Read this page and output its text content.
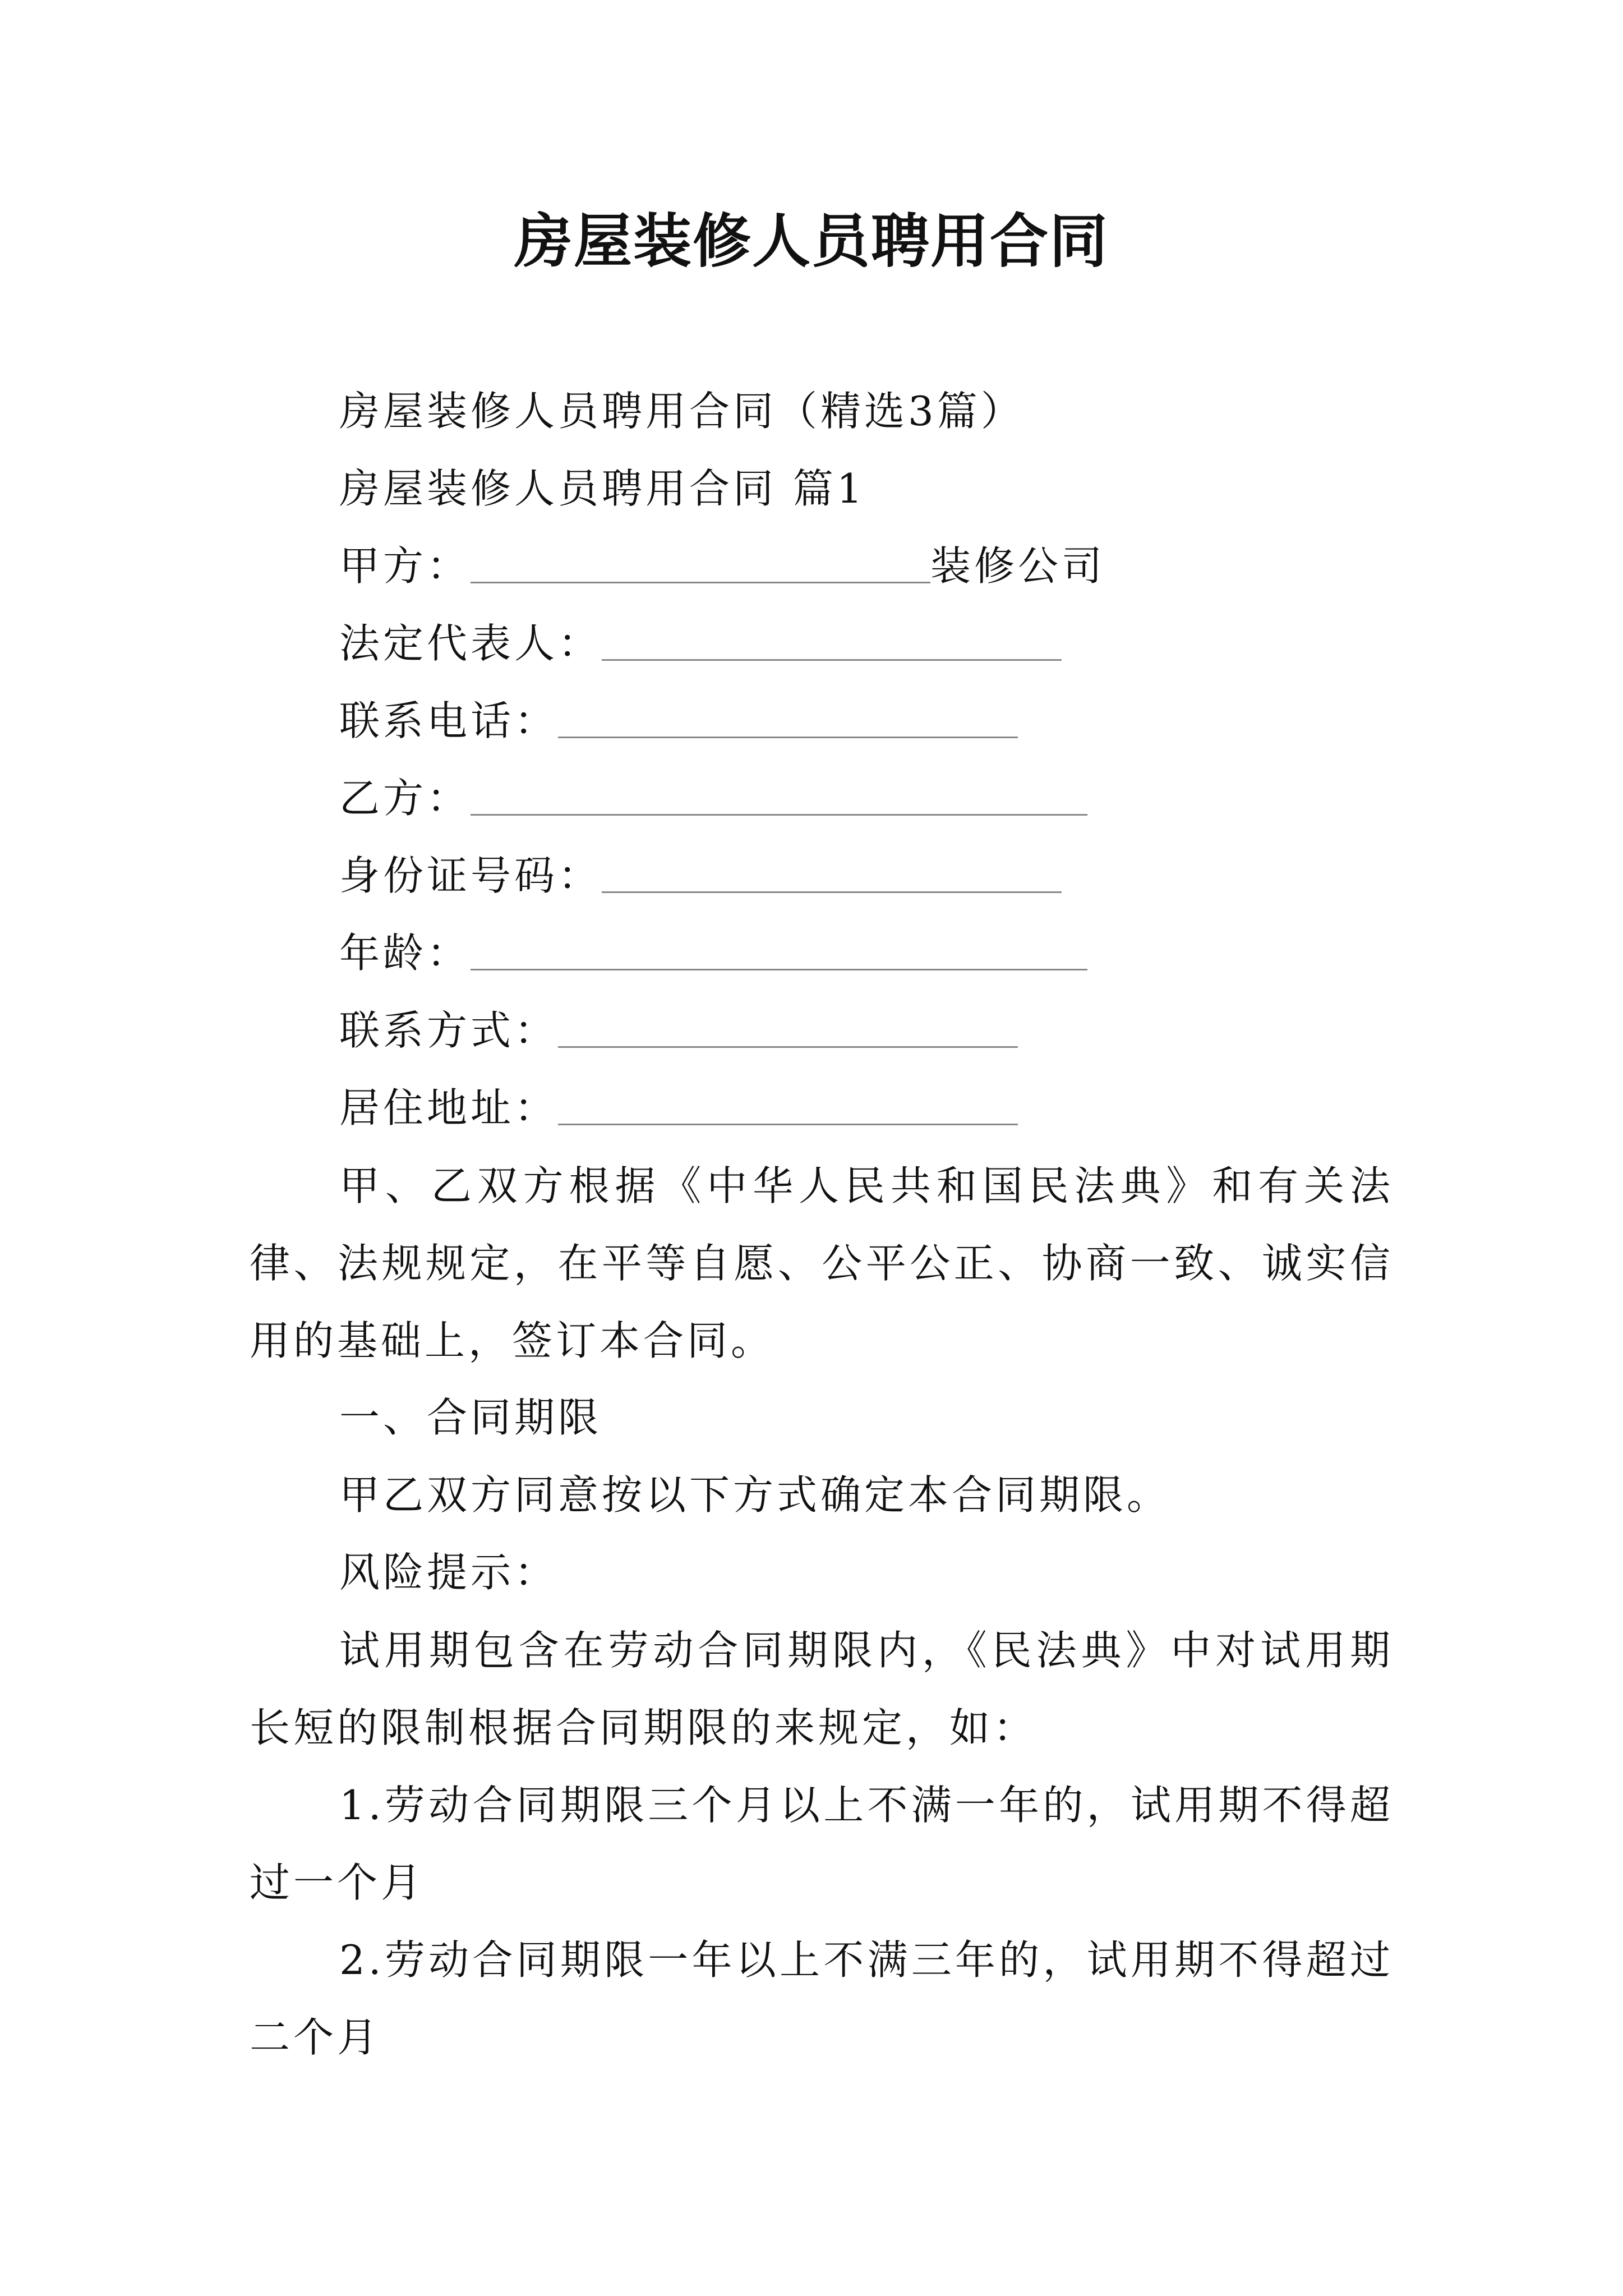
房屋装修人员聘用合同
房屋装修人员聘用合同（精选3篇）
房屋装修人员聘用合同 篇1
甲方：	装修公司
法定代表人：
联系电话：
乙方：
身份证号码：
年龄：
联系方式：
居住地址：
甲、乙双方根据《中华人民共和国民法典》和有关法律、法规规定，在平等自愿、公平公正、协商一致、诚实信用的基础上，签订本合同。
一、合同期限
甲乙双方同意按以下方式确定本合同期限。
风险提示：
试用期包含在劳动合同期限内，《民法典》中对试用期长短的限制根据合同期限的来规定，如：
1.劳动合同期限三个月以上不满一年的，试用期不得超过一个月
2.劳动合同期限一年以上不满三年的，试用期不得超过二个月
